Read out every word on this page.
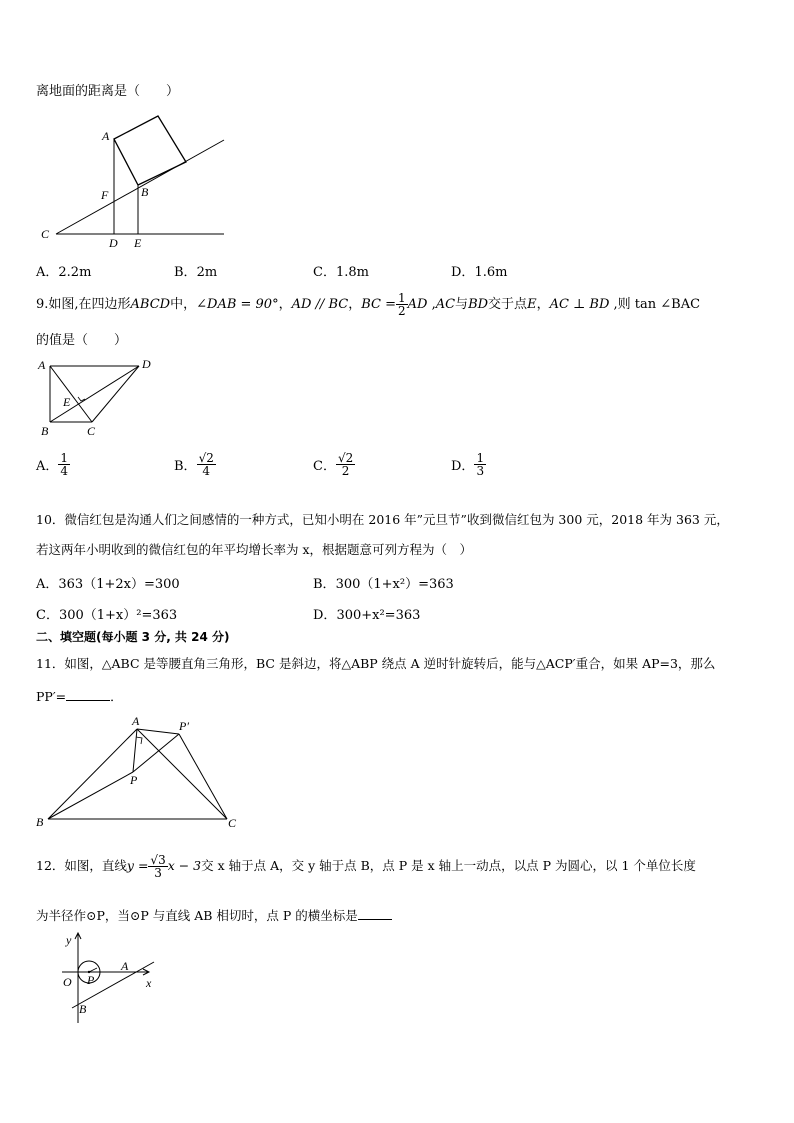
离地面的距离是（　　）
A
B
C
D E
F
A．2.2m	B．2m	C．1.8m	D．1.6m
9.如图,在四边形ABCD中，∠DAB = 90°，AD // BC，BC = $\frac{1}{2}$ AD ,AC与BD交于点E，AC ⊥ BD ,则 tan ∠BAC
的值是（　　）
A
B	C
D
E
A． $\frac{1}{4}$	B． $\frac{√2}{4}$	C． $\frac{√2}{2}$	D． $\frac{1}{3}$
10．微信红包是沟通人们之间感情的一种方式，已知小明在 2016 年”元旦节”收到微信红包为 300 元，2018 年为 363 元，
若这两年小明收到的微信红包的年平均增长率为 x，根据题意可列方程为（　）
A．363（1+2x）=300	B．300（1+x²）=363
C．300（1+x）²=363	D．300+x²=363
二、填空题(每小题 3 分, 共 24 分)
11．如图，△ABC 是等腰直角三角形，BC 是斜边，将△ABP 绕点 A 逆时针旋转后，能与△ACP′重合，如果 AP=3，那么
PP′=	．
A
B	C
P
P′
12．如图，直线$y = \frac{√3}{3}$ x − 3交 x 轴于点 A，交 y 轴于点 B，点 P 是 x 轴上一动点，以点 P 为圆心，以 1 个单位长度
为半径作⊙P，当⊙P 与直线 AB 相切时，点 P 的横坐标是
y
x
O P
A
B
